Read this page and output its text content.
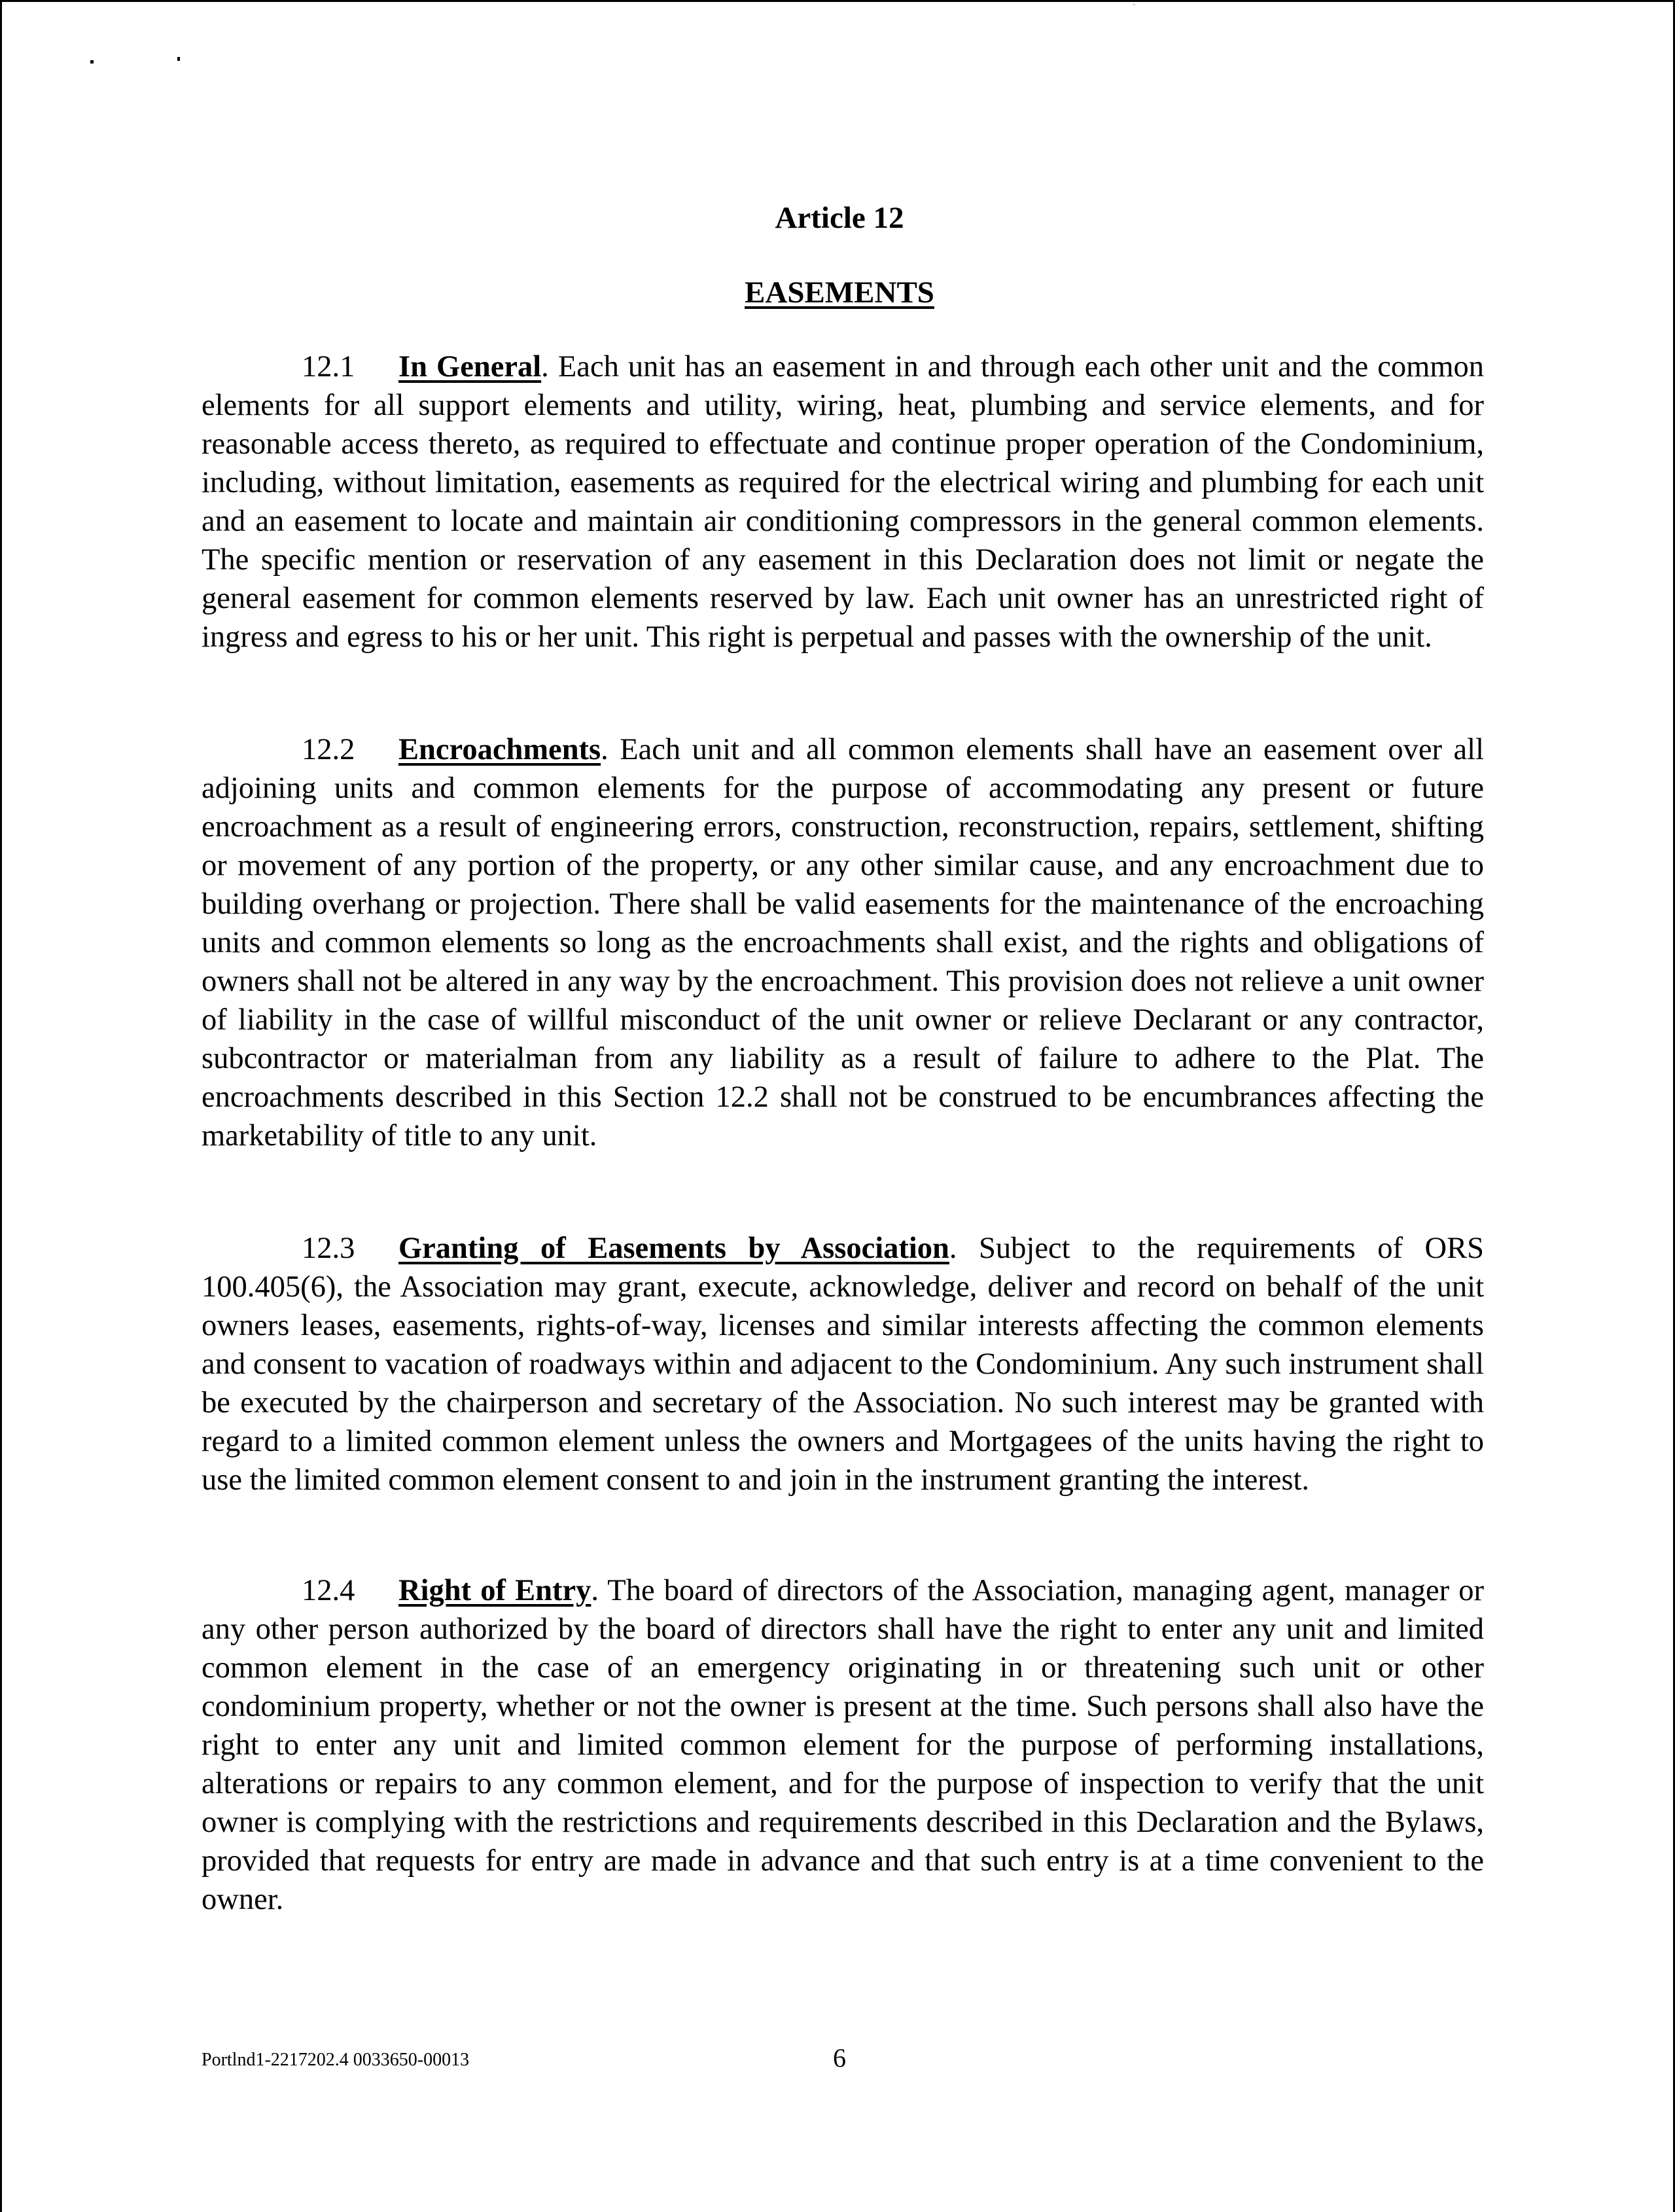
˘
Article 12
EASEMENTS

12.1 In General. Each unit has an easement in and through each other unit and the common elements for all support elements and utility, wiring, heat, plumbing and service elements, and for reasonable access thereto, as required to effectuate and continue proper operation of the Condominium, including, without limitation, easements as required for the electrical wiring and plumbing for each unit and an easement to locate and maintain air conditioning compressors in the general common elements. The specific mention or reservation of any easement in this Declaration does not limit or negate the general easement for common elements reserved by law. Each unit owner has an unrestricted right of ingress and egress to his or her unit. This right is perpetual and passes with the ownership of the unit.

12.2 Encroachments. Each unit and all common elements shall have an easement over all adjoining units and common elements for the purpose of accommodating any present or future encroachment as a result of engineering errors, construction, reconstruction, repairs, settlement, shifting or movement of any portion of the property, or any other similar cause, and any encroachment due to building overhang or projection. There shall be valid easements for the maintenance of the encroaching units and common elements so long as the encroachments shall exist, and the rights and obligations of owners shall not be altered in any way by the encroachment. This provision does not relieve a unit owner of liability in the case of willful misconduct of the unit owner or relieve Declarant or any contractor, subcontractor or materialman from any liability as a result of failure to adhere to the Plat. The encroachments described in this Section 12.2 shall not be construed to be encumbrances affecting the marketability of title to any unit.

12.3 Granting of Easements by Association. Subject to the requirements of ORS 100.405(6), the Association may grant, execute, acknowledge, deliver and record on behalf of the unit owners leases, easements, rights-of-way, licenses and similar interests affecting the common elements and consent to vacation of roadways within and adjacent to the Condominium. Any such instrument shall be executed by the chairperson and secretary of the Association. No such interest may be granted with regard to a limited common element unless the owners and Mortgagees of the units having the right to use the limited common element consent to and join in the instrument granting the interest.

12.4 Right of Entry. The board of directors of the Association, managing agent, manager or any other person authorized by the board of directors shall have the right to enter any unit and limited common element in the case of an emergency originating in or threatening such unit or other condominium property, whether or not the owner is present at the time. Such persons shall also have the right to enter any unit and limited common element for the purpose of performing installations, alterations or repairs to any common element, and for the purpose of inspection to verify that the unit owner is complying with the restrictions and requirements described in this Declaration and the Bylaws, provided that requests for entry are made in advance and that such entry is at a time convenient to the owner.

Portlnd1-2217202.4 0033650-00013	6
